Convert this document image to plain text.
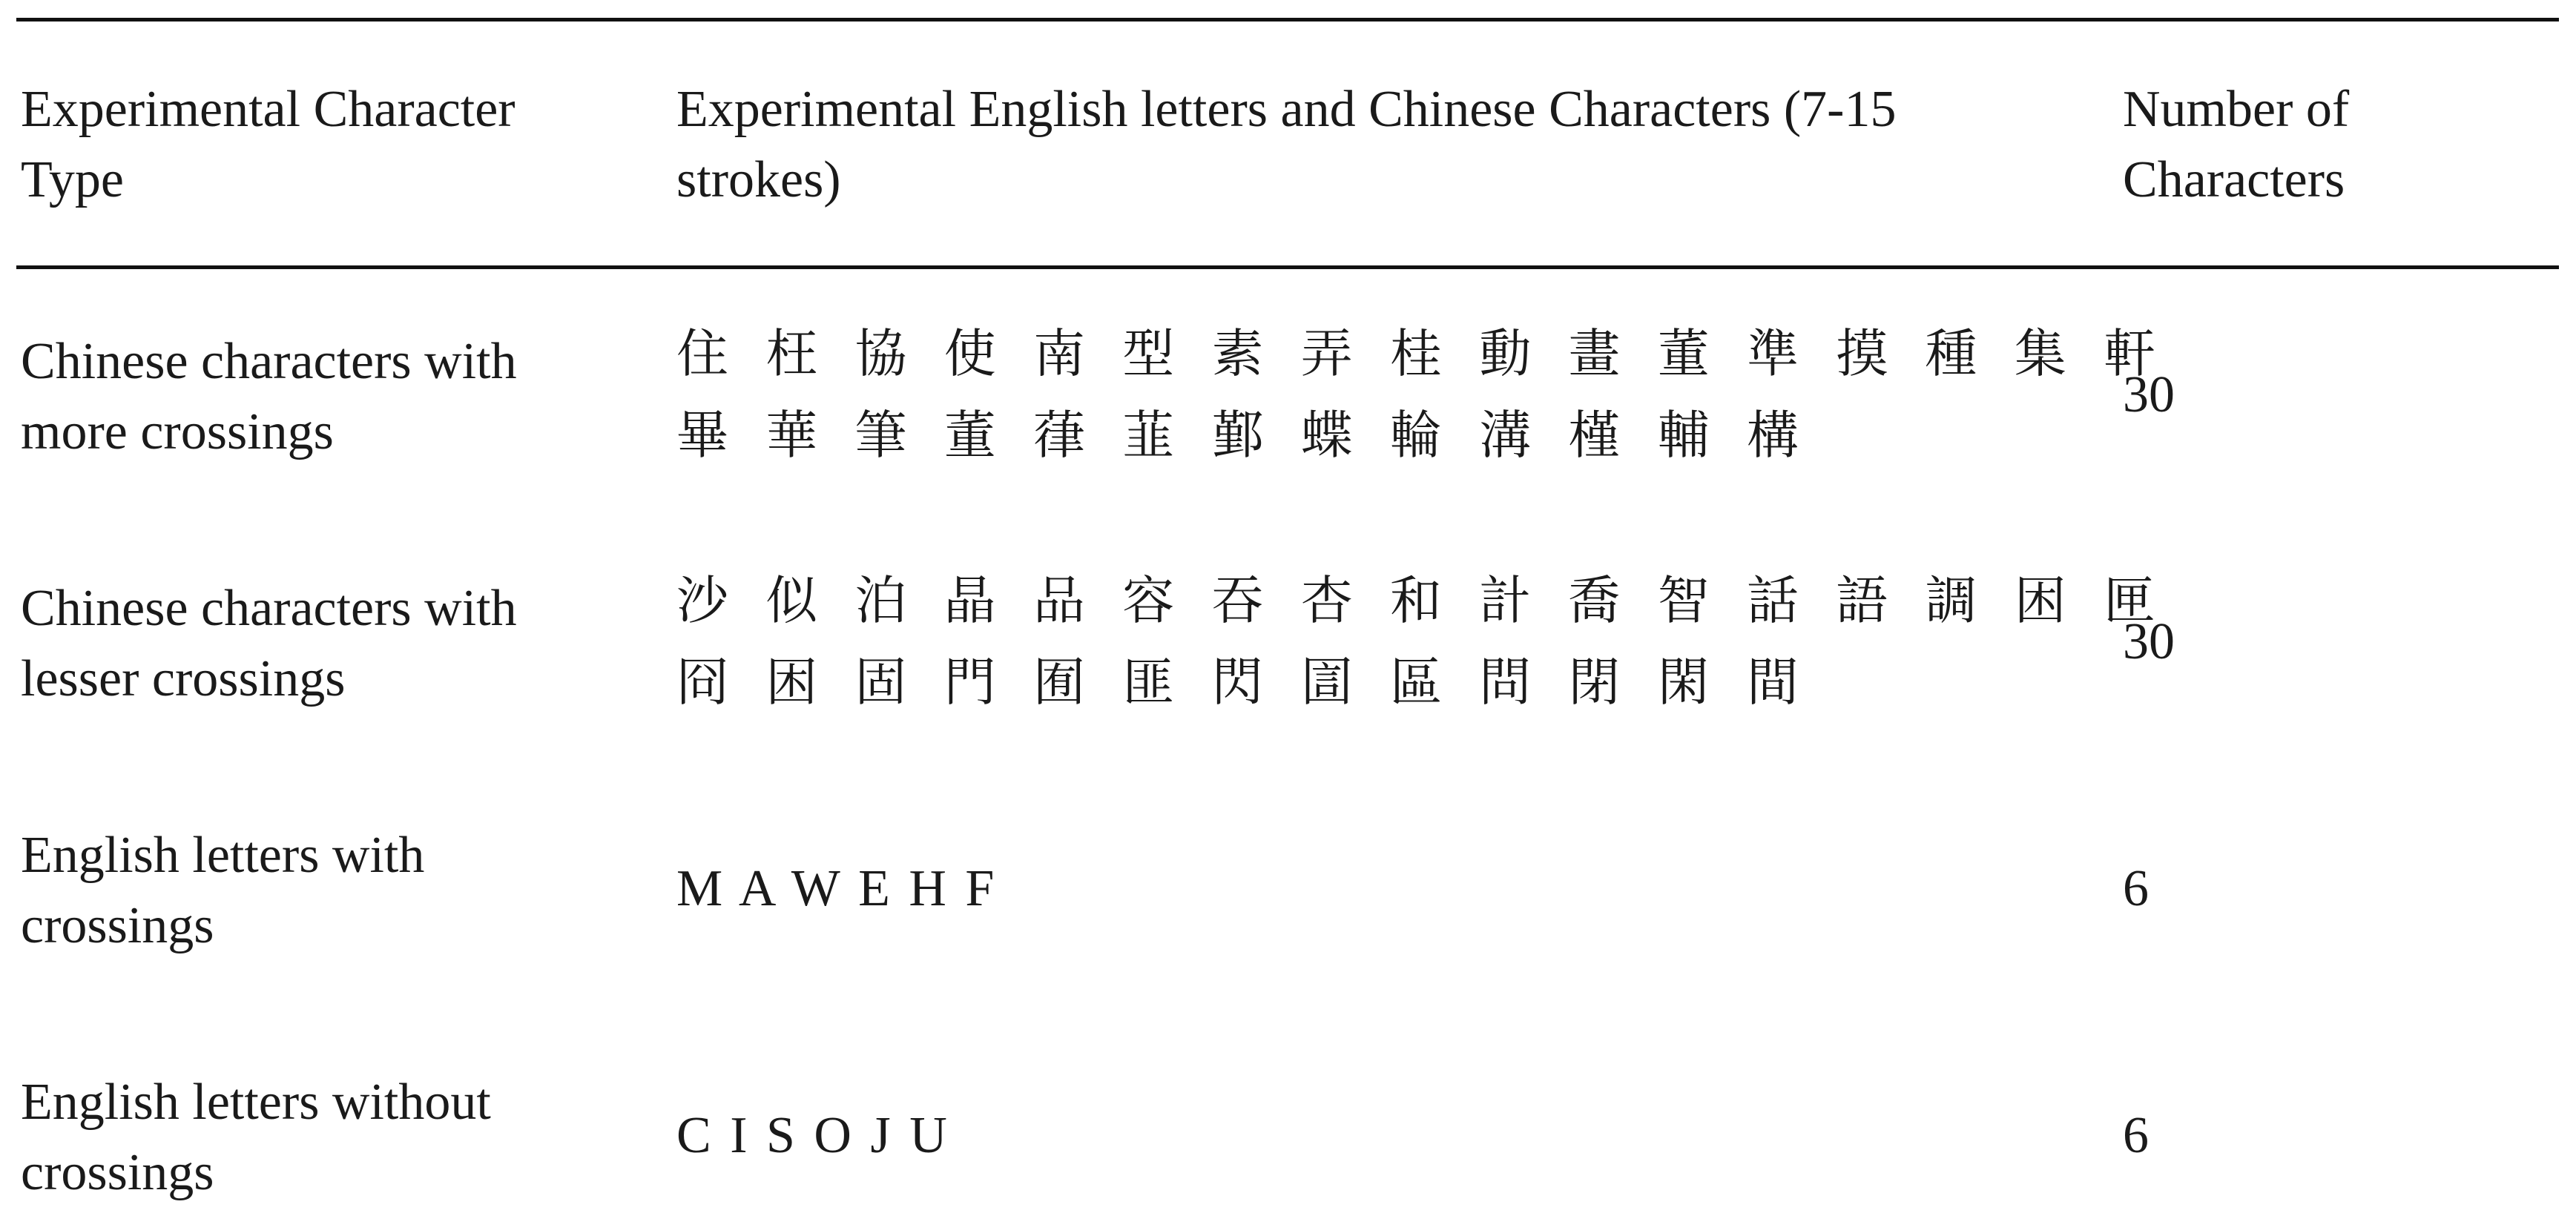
Experimental Character
Type
Experimental English letters and Chinese Characters (7-15
strokes)
Number of
Characters
Chinese characters with
more crossings
住 枉 協 使 南 型 素 弄 桂 動 畫 董 準 摸 種 集 軒
畢 華 筆 董 葎 韮 鄞 蝶 輪 溝 槿 輔 構
30
Chinese characters with
lesser crossings
沙 似 泊 晶 品 容 吞 杏 和 計 喬 智 話 語 調 困 匣
冏 困 固 門 囿 匪 閃 圁 區 問 閉 閑 間
30
English letters with
crossings
M A W E H F	6
English letters without
crossings
C I S O J U	6
